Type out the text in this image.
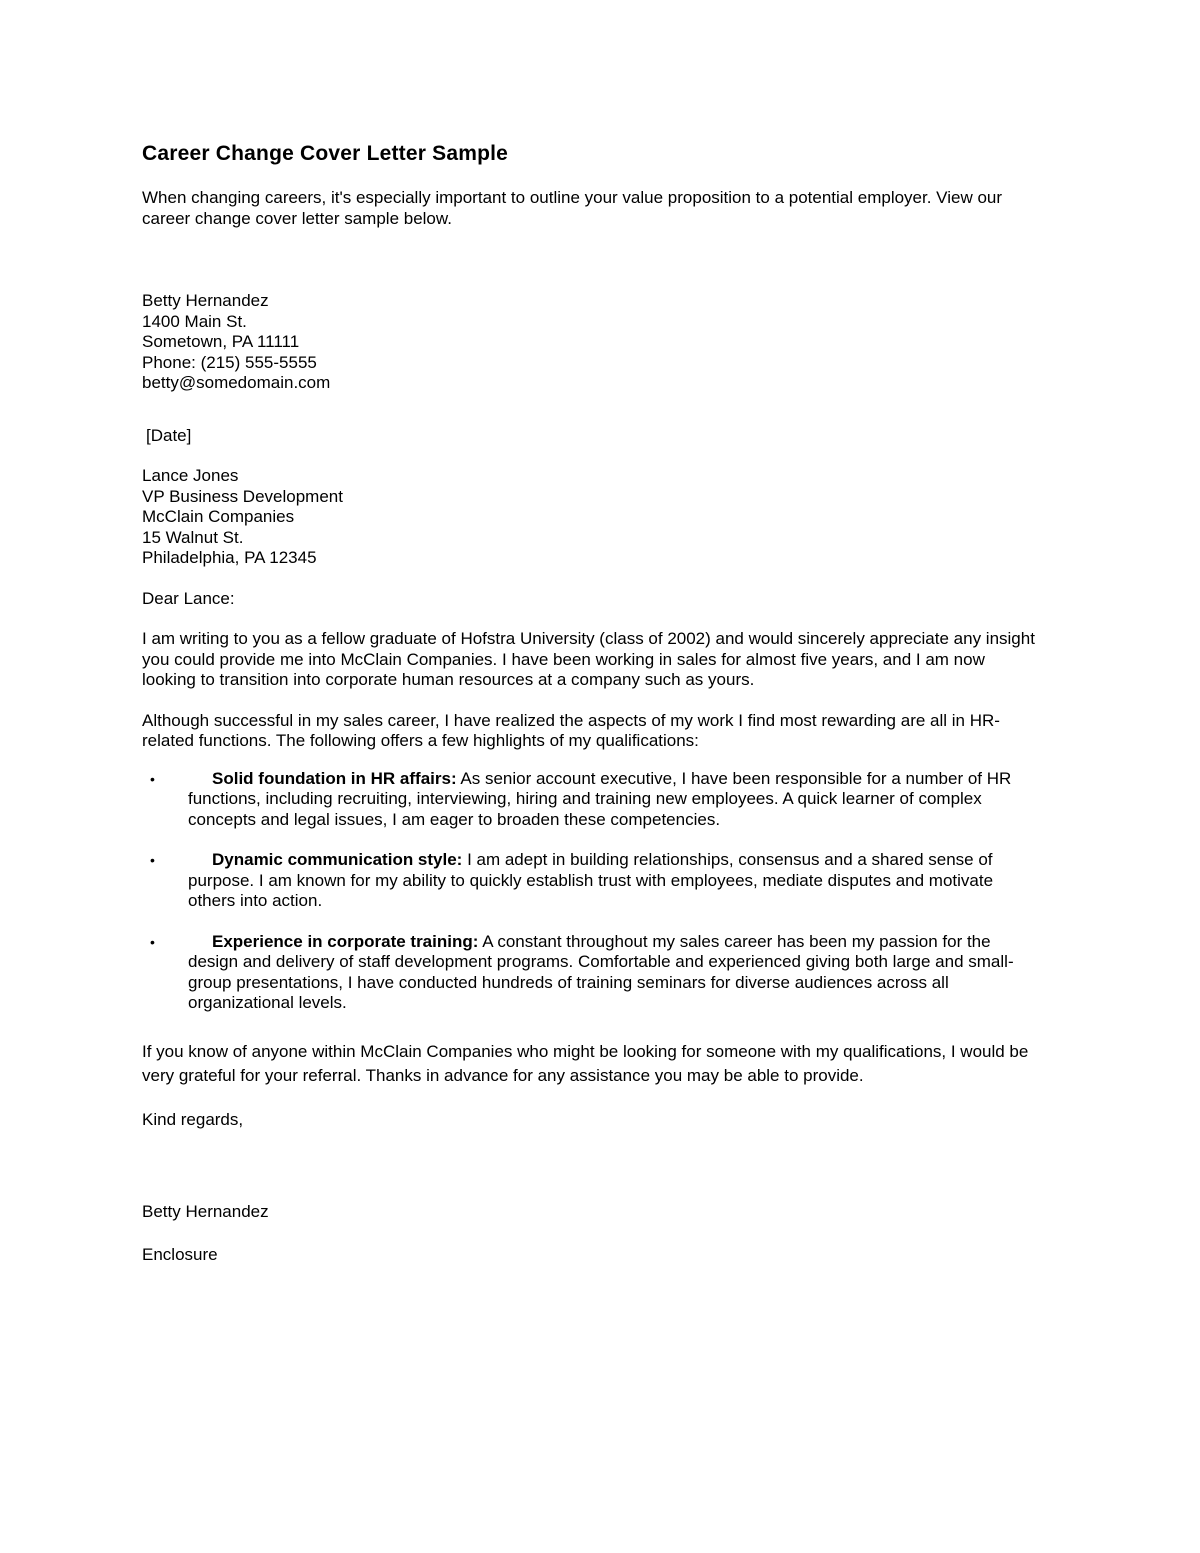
Career Change Cover Letter Sample

When changing careers, it's especially important to outline your value proposition to a potential employer. View our career change cover letter sample below.

Betty Hernandez
1400 Main St.
Sometown, PA 11111
Phone: (215) 555-5555
betty@somedomain.com
[Date]
Lance Jones
VP Business Development
McClain Companies
15 Walnut St.
Philadelphia, PA 12345

Dear Lance:

I am writing to you as a fellow graduate of Hofstra University (class of 2002) and would sincerely appreciate any insight you could provide me into McClain Companies. I have been working in sales for almost five years, and I am now looking to transition into corporate human resources at a company such as yours.

Although successful in my sales career, I have realized the aspects of my work I find most rewarding are all in HR-related functions. The following offers a few highlights of my qualifications:

•	Solid foundation in HR affairs: As senior account executive, I have been responsible for a number of HR functions, including recruiting, interviewing, hiring and training new employees. A quick learner of complex concepts and legal issues, I am eager to broaden these competencies.
•	Dynamic communication style: I am adept in building relationships, consensus and a shared sense of purpose. I am known for my ability to quickly establish trust with employees, mediate disputes and motivate others into action.
•	Experience in corporate training: A constant throughout my sales career has been my passion for the design and delivery of staff development programs. Comfortable and experienced giving both large and small-group presentations, I have conducted hundreds of training seminars for diverse audiences across all organizational levels.

If you know of anyone within McClain Companies who might be looking for someone with my qualifications, I would be very grateful for your referral. Thanks in advance for any assistance you may be able to provide.

Kind regards,

Betty Hernandez

Enclosure
